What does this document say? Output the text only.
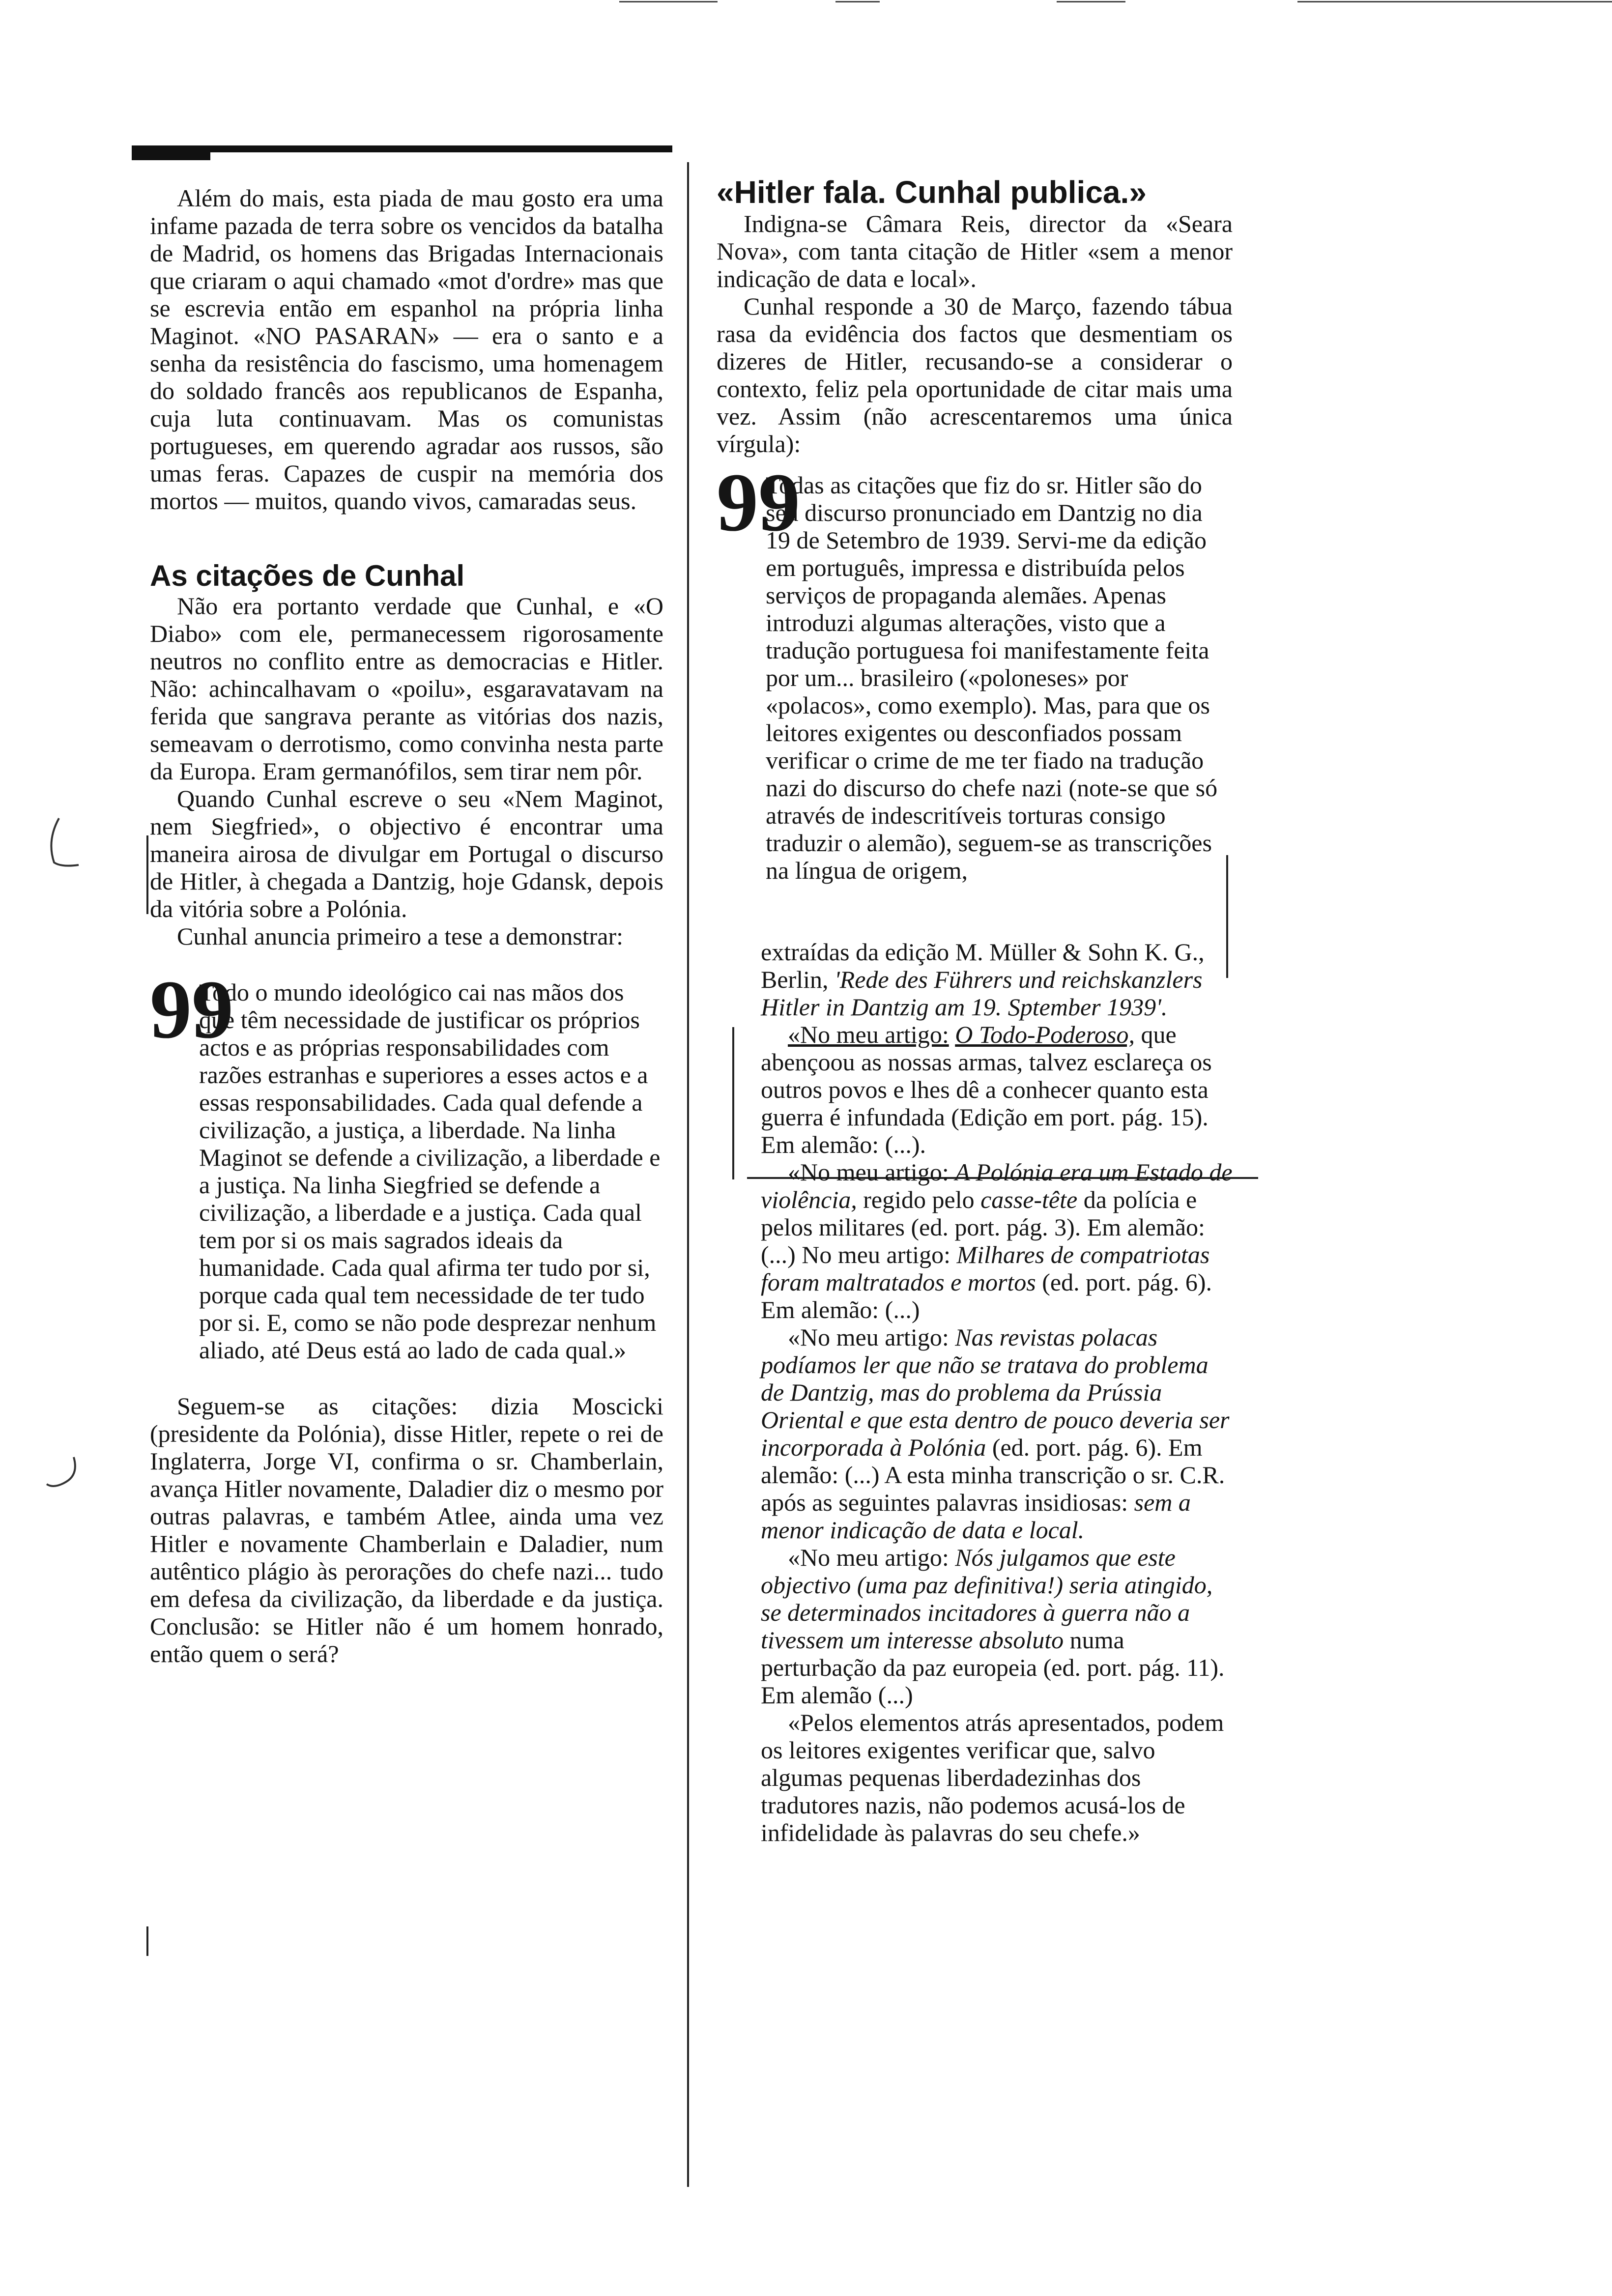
Além do mais, esta piada de mau gosto era uma infame pazada de terra sobre os vencidos da batalha de Madrid, os homens das Brigadas Internacionais que criaram o aqui chamado «mot d'ordre» mas que se escrevia então em espanhol na própria linha Maginot. «NO PASARAN» — era o santo e a senha da resistência do fascismo, uma homenagem do soldado francês aos republicanos de Espanha, cuja luta continuavam. Mas os comunistas portugueses, em querendo agradar aos russos, são umas feras. Capazes de cuspir na memória dos mortos — muitos, quando vivos, camaradas seus.

As citações de Cunhal

Não era portanto verdade que Cunhal, e «O Diabo» com ele, permanecessem rigorosamente neutros no conflito entre as democracias e Hitler. Não: achincalhavam o «poilu», esgaravatavam na ferida que sangrava perante as vitórias dos nazis, semeavam o derrotismo, como convinha nesta parte da Europa. Eram germanófilos, sem tirar nem pôr.

Quando Cunhal escreve o seu «Nem Maginot, nem Siegfried», o objectivo é encontrar uma maneira airosa de divulgar em Portugal o discurso de Hitler, à chegada a Dantzig, hoje Gdansk, depois da vitória sobre a Polónia.

Cunhal anuncia primeiro a tese a demonstrar:

99

Todo o mundo ideológico cai nas mãos dos que têm necessidade de justificar os próprios actos e as próprias responsabilidades com razões estranhas e superiores a esses actos e a essas responsabilidades. Cada qual defende a civilização, a justiça, a liberdade. Na linha Maginot se defende a civilização, a liberdade e a justiça. Na linha Siegfried se defende a civilização, a liberdade e a justiça. Cada qual tem por si os mais sagrados ideais da humanidade. Cada qual afirma ter tudo por si, porque cada qual tem necessidade de ter tudo por si. E, como se não pode desprezar nenhum aliado, até Deus está ao lado de cada qual.»

Seguem-se as citações: dizia Moscicki (presidente da Polónia), disse Hitler, repete o rei de Inglaterra, Jorge VI, confirma o sr. Chamberlain, avança Hitler novamente, Daladier diz o mesmo por outras palavras, e também Atlee, ainda uma vez Hitler e novamente Chamberlain e Daladier, num autêntico plágio às perorações do chefe nazi... tudo em defesa da civilização, da liberdade e da justiça. Conclusão: se Hitler não é um homem honrado, então quem o será?

«Hitler fala. Cunhal publica.»

Indigna-se Câmara Reis, director da «Seara Nova», com tanta citação de Hitler «sem a menor indicação de data e local».

Cunhal responde a 30 de Março, fazendo tábua rasa da evidência dos factos que desmentiam os dizeres de Hitler, recusando-se a considerar o contexto, feliz pela oportunidade de citar mais uma vez. Assim (não acrescentaremos uma única vírgula):

99

Todas as citações que fiz do sr. Hitler são do seu discurso pronunciado em Dantzig no dia 19 de Setembro de 1939. Servi-me da edição em português, impressa e distribuída pelos serviços de propaganda alemães. Apenas introduzi algumas alterações, visto que a tradução portuguesa foi manifestamente feita por um... brasileiro («poloneses» por «polacos», como exemplo). Mas, para que os leitores exigentes ou desconfiados possam verificar o crime de me ter fiado na tradução nazi do discurso do chefe nazi (note-se que só através de indescritíveis torturas consigo traduzir o alemão), seguem-se as transcrições na língua de origem,

extraídas da edição M. Müller & Sohn K. G., Berlin, 'Rede des Führers und reichskanzlers Hitler in Dantzig am 19. Sptember 1939'.

«No meu artigo: O Todo-Poderoso, que abençoou as nossas armas, talvez esclareça os outros povos e lhes dê a conhecer quanto esta guerra é infundada (Edição em port. pág. 15). Em alemão: (...).

«No meu artigo: A Polónia era um Estado de violência, regido pelo casse-tête da polícia e pelos militares (ed. port. pág. 3). Em alemão: (...) No meu artigo: Milhares de compatriotas foram maltratados e mortos (ed. port. pág. 6). Em alemão: (...)

«No meu artigo: Nas revistas polacas podíamos ler que não se tratava do problema de Dantzig, mas do problema da Prússia Oriental e que esta dentro de pouco deveria ser incorporada à Polónia (ed. port. pág. 6). Em alemão: (...) A esta minha transcrição o sr. C.R. após as seguintes palavras insidiosas: sem a menor indicação de data e local.

«No meu artigo: Nós julgamos que este objectivo (uma paz definitiva!) seria atingido, se determinados incitadores à guerra não a tivessem um interesse absoluto numa perturbação da paz europeia (ed. port. pág. 11). Em alemão (...)

«Pelos elementos atrás apresentados, podem os leitores exigentes verificar que, salvo algumas pequenas liberdadezinhas dos tradutores nazis, não podemos acusá-los de infidelidade às palavras do seu chefe.»
